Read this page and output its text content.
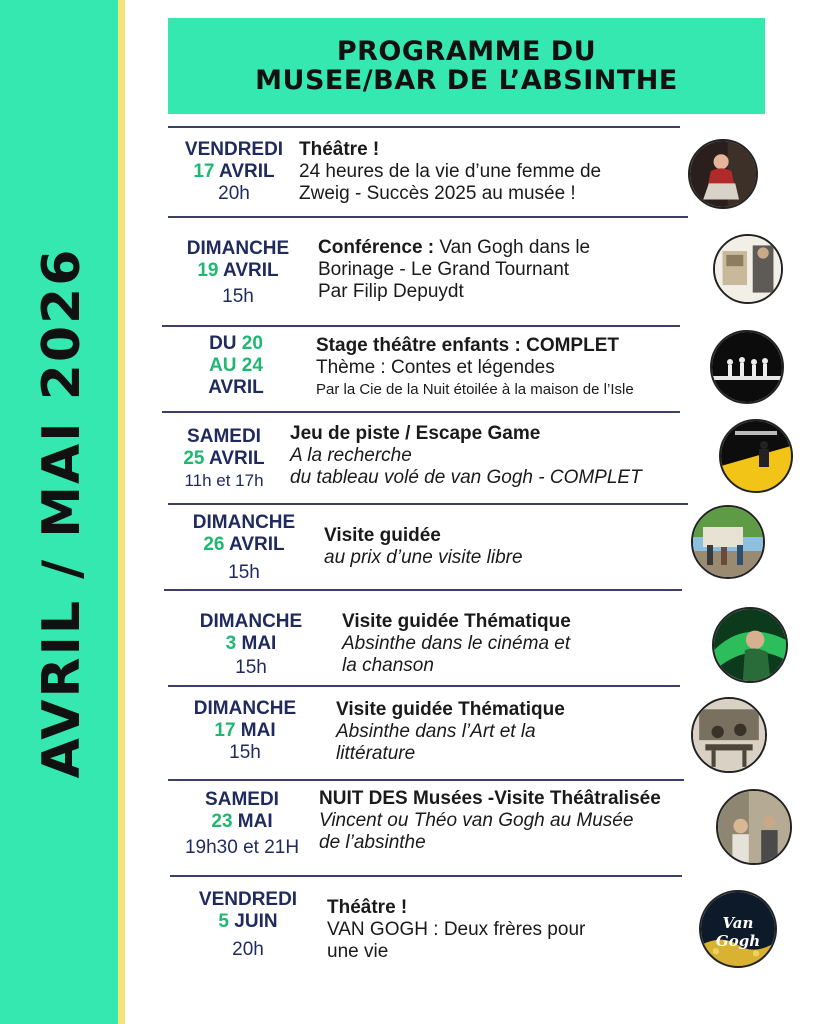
AVRIL / MAI 2026
PROGRAMME DU
MUSEE/BAR DE L’ABSINTHE
VENDREDI
17 AVRIL
20h
Théâtre !
24 heures de la vie d’une femme de
Zweig - Succès 2025 au musée !
DIMANCHE
19 AVRIL
15h
Conférence : Van Gogh dans le
Borinage - Le Grand Tournant
Par Filip Depuydt
DU 20
AU 24
AVRIL
Stage théâtre enfants : COMPLET
Thème : Contes et légendes
Par la Cie de la Nuit étoilée à la maison de l’Isle
SAMEDI
25 AVRIL
11h et 17h
Jeu de piste / Escape Game
A la recherche
du tableau volé de van Gogh - COMPLET
DIMANCHE
26 AVRIL
15h
Visite guidée
au prix d’une visite libre
DIMANCHE
3 MAI
15h
Visite guidée Thématique
Absinthe dans le cinéma et
la chanson
DIMANCHE
17 MAI
15h
Visite guidée Thématique
Absinthe dans l’Art et la
littérature
SAMEDI
23 MAI
19h30 et 21H
NUIT DES Musées -Visite Théâtralisée
Vincent ou Théo van Gogh au Musée
de l’absinthe
VENDREDI
5 JUIN
20h
Théâtre !
VAN GOGH : Deux frères pour
une vie
Van Gogh
